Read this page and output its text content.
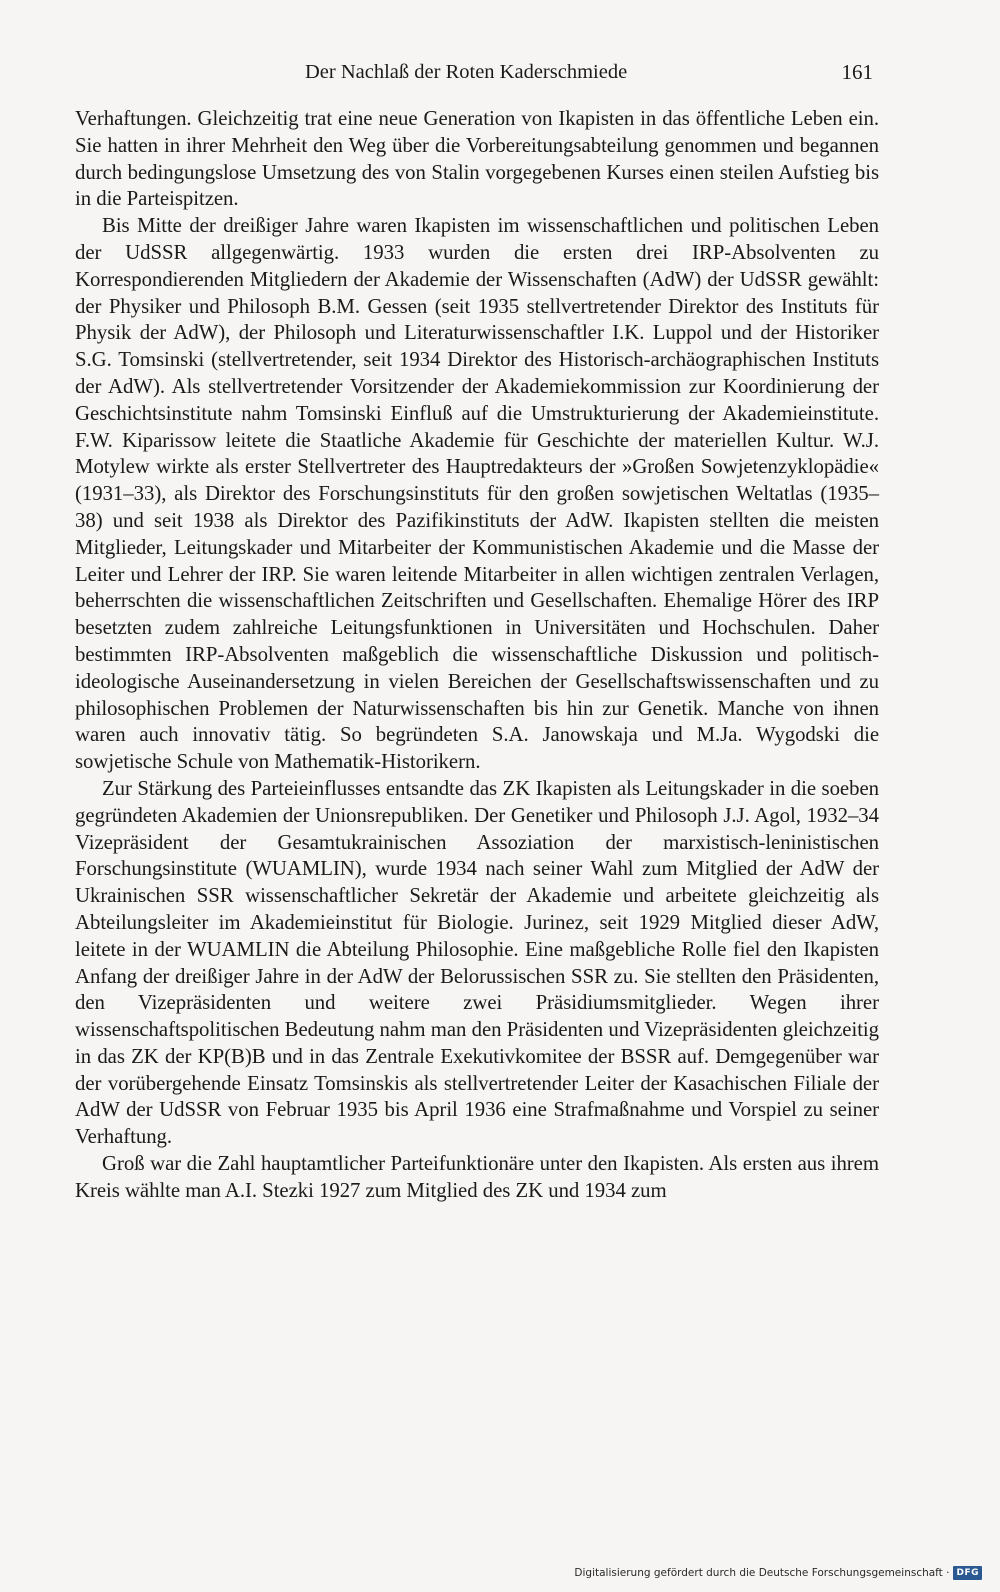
Der Nachlaß der Roten Kaderschmiede	161

Verhaftungen. Gleichzeitig trat eine neue Generation von Ikapisten in das öffentliche Leben ein. Sie hatten in ihrer Mehrheit den Weg über die Vorbereitungsabteilung genommen und begannen durch bedingungslose Umsetzung des von Stalin vorgegebenen Kurses einen steilen Aufstieg bis in die Parteispitzen.

Bis Mitte der dreißiger Jahre waren Ikapisten im wissenschaftlichen und politischen Leben der UdSSR allgegenwärtig. 1933 wurden die ersten drei IRP-Absolventen zu Korrespondierenden Mitgliedern der Akademie der Wissenschaften (AdW) der UdSSR gewählt: der Physiker und Philosoph B.M. Gessen (seit 1935 stellvertretender Direktor des Instituts für Physik der AdW), der Philosoph und Literaturwissenschaftler I.K. Luppol und der Historiker S.G. Tomsinski (stellvertretender, seit 1934 Direktor des Historisch-archäographischen Instituts der AdW). Als stellvertretender Vorsitzender der Akademiekommission zur Koordinierung der Geschichtsinstitute nahm Tomsinski Einfluß auf die Umstrukturierung der Akademieinstitute. F.W. Kiparissow leitete die Staatliche Akademie für Geschichte der materiellen Kultur. W.J. Motylew wirkte als erster Stellvertreter des Hauptredakteurs der »Großen Sowjetenzyklopädie« (1931–33), als Direktor des Forschungsinstituts für den großen sowjetischen Weltatlas (1935–38) und seit 1938 als Direktor des Pazifikinstituts der AdW. Ikapisten stellten die meisten Mitglieder, Leitungskader und Mitarbeiter der Kommunistischen Akademie und die Masse der Leiter und Lehrer der IRP. Sie waren leitende Mitarbeiter in allen wichtigen zentralen Verlagen, beherrschten die wissenschaftlichen Zeitschriften und Gesellschaften. Ehemalige Hörer des IRP besetzten zudem zahlreiche Leitungsfunktionen in Universitäten und Hochschulen. Daher bestimmten IRP-Absolventen maßgeblich die wissenschaftliche Diskussion und politisch-ideologische Auseinandersetzung in vielen Bereichen der Gesellschaftswissenschaften und zu philosophischen Problemen der Naturwissenschaften bis hin zur Genetik. Manche von ihnen waren auch innovativ tätig. So begründeten S.A. Janowskaja und M.Ja. Wygodski die sowjetische Schule von Mathematik-Historikern.

Zur Stärkung des Parteieinflusses entsandte das ZK Ikapisten als Leitungskader in die soeben gegründeten Akademien der Unionsrepubliken. Der Genetiker und Philosoph J.J. Agol, 1932–34 Vizepräsident der Gesamtukrainischen Assoziation der marxistisch-leninistischen Forschungsinstitute (WUAMLIN), wurde 1934 nach seiner Wahl zum Mitglied der AdW der Ukrainischen SSR wissenschaftlicher Sekretär der Akademie und arbeitete gleichzeitig als Abteilungsleiter im Akademieinstitut für Biologie. Jurinez, seit 1929 Mitglied dieser AdW, leitete in der WUAMLIN die Abteilung Philosophie. Eine maßgebliche Rolle fiel den Ikapisten Anfang der dreißiger Jahre in der AdW der Belorussischen SSR zu. Sie stellten den Präsidenten, den Vizepräsidenten und weitere zwei Präsidiumsmitglieder. Wegen ihrer wissenschaftspolitischen Bedeutung nahm man den Präsidenten und Vizepräsidenten gleichzeitig in das ZK der KP(B)B und in das Zentrale Exekutivkomitee der BSSR auf. Demgegenüber war der vorübergehende Einsatz Tomsinskis als stellvertretender Leiter der Kasachischen Filiale der AdW der UdSSR von Februar 1935 bis April 1936 eine Strafmaßnahme und Vorspiel zu seiner Verhaftung.

Groß war die Zahl hauptamtlicher Parteifunktionäre unter den Ikapisten. Als ersten aus ihrem Kreis wählte man A.I. Stezki 1927 zum Mitglied des ZK und 1934 zum

Digitalisierung gefördert durch die Deutsche Forschungsgemeinschaft · DFG
